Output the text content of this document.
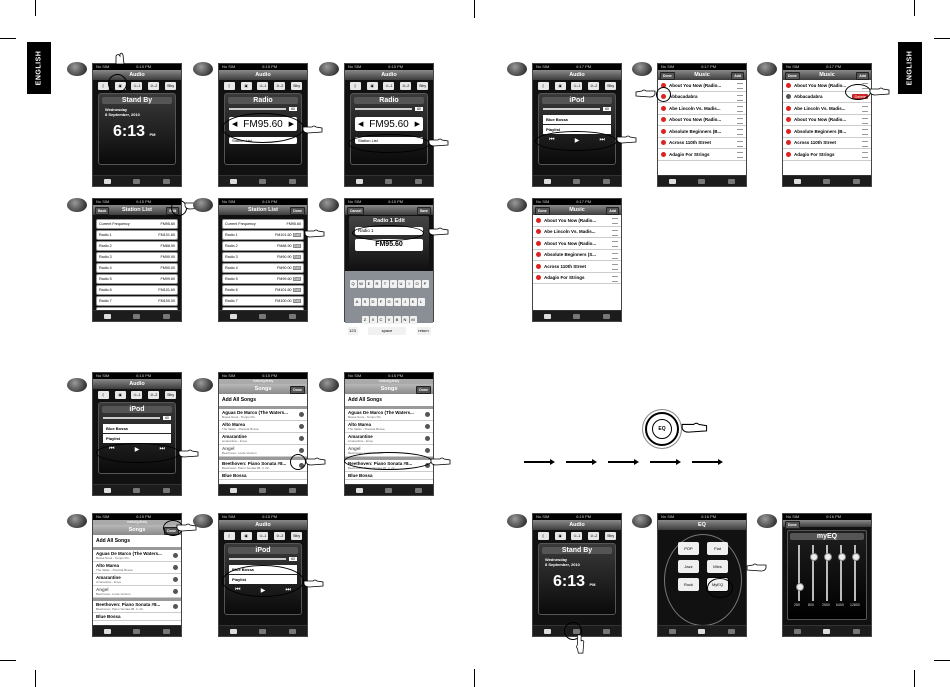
ENGLISH	ENGLISH
No SIM	6:15 PM
Audio
▯	▣	①–1	②–2	Stby
Stand By
Wednesday
8 September, 2010
6:13 PM
No SIM	6:15 PM
Audio
▯	▣	①–1	②–2	Stby
Radio
60
◀ FM95.60 ▶
Station List
No SIM	6:15 PM
Audio
▯	▣	①–1	②–2	Stby
Radio
60
◀ FM95.60 ▶
Station List
No SIM	6:15 PM
Back	Station List	Edit
Current Frequency	FM95.60
Radio 1	FM101.60
Radio 2	FM88.90
Radio 3	FM90.90
Radio 4	FM90.00
Radio 5	FM99.60
Radio 6	FM101.60
Radio 7	FM100.00
No SIM	6:15 PM
Station List	Done
Current Frequency	FM95.60
Radio 1	FM101.60 Edit
Radio 2	FM88.90 Edit
Radio 3	FM90.90 Edit
Radio 4	FM90.00 Edit
Radio 5	FM99.60 Edit
Radio 6	FM101.60 Edit
Radio 7	FM100.00 Edit
No SIM	6:15 PM
Cancel	Save
Radio 1 Edit
Radio 1
FM95.60
Q W E R T Y U I O P
A S D F G H J K L
Z X C V B N M
123	space	return
No SIM	6:15 PM
Audio
▯	▣	①–1	②–2	Stby
iPod
60
Blue Bossa
Playlist
⏮	▶	⏭
No SIM	6:15 PM
melodyyfesty
Songs	Done
Add All Songs
Aguas De Marco (The Waters...
Bossa Nova - Tempo Piu
Alto Marea
The Italian - Pianista Bossa
Amarantine
Amarantine - Enya
Angel
Beethoven: Lorde Version
Beethoven: Piano Sonata #8...
Beethoven: Piano Sonata #8, 4, 22...
Blue Bossa
No SIM	6:15 PM
melodyyfesty
Songs	Done
Add All Songs
Aguas De Marco (The Waters...
Bossa Nova - Tempo Piu
Alto Marea
The Italian - Pianista Bossa
Amarantine
Amarantine - Enya
Angel
Beethoven: Lorde Version
Beethoven: Piano Sonata #8...
Beethoven: Piano Sonata #8, 4, 22...
Blue Bossa
No SIM	6:15 PM
melodyyfesty
Songs	Done
Add All Songs
Aguas De Marco (The Waters...
Bossa Nova - Tempo Piu
Alto Marea
The Italian - Pianista Bossa
Amarantine
Amarantine - Enya
Angel
Beethoven: Lorde Version
Beethoven: Piano Sonata #8...
Beethoven: Piano Sonata #8, 4, 22...
Blue Bossa
No SIM	6:15 PM
Audio
▯	▣	①–1	②–2	Stby
iPod
60
Blue Bossa
Playlist
⏮	▶	⏭
No SIM	6:17 PM
Audio
▯	▣	①–1	②–2	Stby
iPod
60
Blue Bossa
Playlist
⏮	▶	⏭
No SIM	6:17 PM
Done	Music	Add
About You Now (Radio...
Abbacadabra
Abe Lincoln Vs. Madis...
About You Now (Radio...
Absolute Beginners (B...
Across 110th Street
Adagio For Strings
No SIM	6:17 PM
Done	Music	Add
About You Now (Radio...
Abbacadabra	Delete
Abe Lincoln Vs. Madis...
About You Now (Radio...
Absolute Beginners (B...
Across 110th Street
Adagio For Strings
No SIM	6:17 PM
Done	Music	Add
About You Now (Radio...
Abe Lincoln Vs. Madis...
About You Now (Radio...
Absolute Beginners (S...
Across 110th Street
Adagio For Strings
EQ
No SIM	6:15 PM
Audio
▯	▣	①–1	②–2	Stby
Stand By
Wednesday
8 September, 2010
6:13 PM
No SIM	6:16 PM
EQ
POP	Flat
Jazz	Mtvs
Rock	MyEQ
No SIM	6:16 PM
Done
myEQ
250 800 2500 6400 12800
